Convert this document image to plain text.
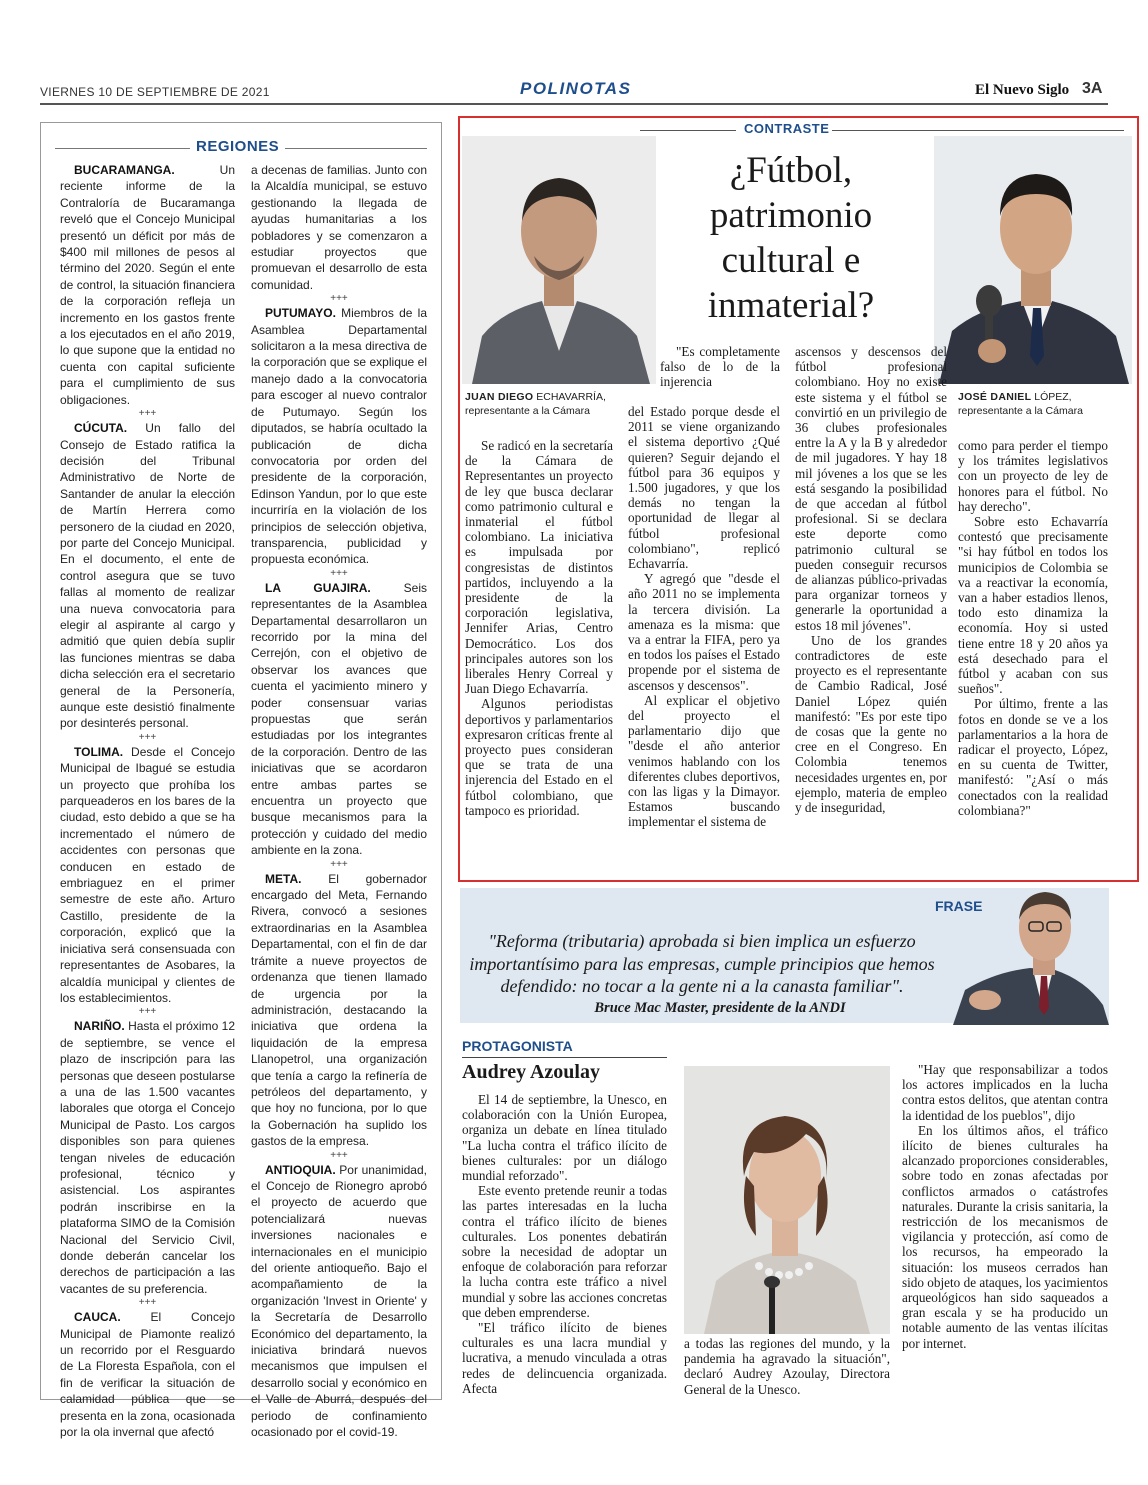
VIERNES 10 DE SEPTIEMBRE DE 2021	POLINOTAS	El Nuevo Siglo 3A
REGIONES

BUCARAMANGA. Un reciente informe de la Contraloría de Bucaramanga reveló que el Concejo Municipal presentó un déficit por más de $400 mil millones de pesos al término del 2020. Según el ente de control, la situación financiera de la corporación refleja un incremento en los gastos frente a los ejecutados en el año 2019, lo que supone que la entidad no cuenta con capital suficiente para el cumplimiento de sus obligaciones.

+++

CÚCUTA. Un fallo del Consejo de Estado ratifica la decisión del Tribunal Administrativo de Norte de Santander de anular la elección de Martín Herrera como personero de la ciudad en 2020, por parte del Concejo Municipal. En el documento, el ente de control asegura que se tuvo fallas al momento de realizar una nueva convocatoria para elegir al aspirante al cargo y admitió que quien debía suplir las funciones mientras se daba dicha selección era el secretario general de la Personería, aunque este desistió finalmente por desinterés personal.

+++

TOLIMA. Desde el Concejo Municipal de Ibagué se estudia un proyecto que prohíba los parqueaderos en los bares de la ciudad, esto debido a que se ha incrementado el número de accidentes con personas que conducen en estado de embriaguez en el primer semestre de este año. Arturo Castillo, presidente de la corporación, explicó que la iniciativa será consensuada con representantes de Asobares, la alcaldía municipal y clientes de los establecimientos.

+++

NARIÑO. Hasta el próximo 12 de septiembre, se vence el plazo de inscripción para las personas que deseen postularse a una de las 1.500 vacantes laborales que otorga el Concejo Municipal de Pasto. Los cargos disponibles son para quienes tengan niveles de educación profesional, técnico y asistencial. Los aspirantes podrán inscribirse en la plataforma SIMO de la Comisión Nacional del Servicio Civil, donde deberán cancelar los derechos de participación a las vacantes de su preferencia.

+++

CAUCA. El Concejo Municipal de Piamonte realizó un recorrido por el Resguardo de La Floresta Española, con el fin de verificar la situación de calamidad pública que se presenta en la zona, ocasionada por la ola invernal que afectó

a decenas de familias. Junto con la Alcaldía municipal, se estuvo gestionando la llegada de ayudas humanitarias a los pobladores y se comenzaron a estudiar proyectos que promuevan el desarrollo de esta comunidad.

+++

PUTUMAYO. Miembros de la Asamblea Departamental solicitaron a la mesa directiva de la corporación que se explique el manejo dado a la convocatoria para escoger al nuevo contralor de Putumayo. Según los diputados, se habría ocultado la publicación de dicha convocatoria por orden del presidente de la corporación, Edinson Yandun, por lo que este incurriría en la violación de los principios de selección objetiva, transparencia, publicidad y propuesta económica.

+++

LA GUAJIRA. Seis representantes de la Asamblea Departamental desarrollaron un recorrido por la mina del Cerrejón, con el objetivo de observar los avances que cuenta el yacimiento minero y poder consensuar varias propuestas que serán estudiadas por los integrantes de la corporación. Dentro de las iniciativas que se acordaron entre ambas partes se encuentra un proyecto que busque mecanismos para la protección y cuidado del medio ambiente en la zona.

+++

META. El gobernador encargado del Meta, Fernando Rivera, convocó a sesiones extraordinarias en la Asamblea Departamental, con el fin de dar trámite a nueve proyectos de ordenanza que tienen llamado de urgencia por la administración, destacando la iniciativa que ordena la liquidación de la empresa Llanopetrol, una organización que tenía a cargo la refinería de petróleos del departamento, y que hoy no funciona, por lo que la Gobernación ha suplido los gastos de la empresa.

+++

ANTIOQUIA. Por unanimidad, el Concejo de Rionegro aprobó el proyecto de acuerdo que potencializará nuevas inversiones nacionales e internacionales en el municipio del oriente antioqueño. Bajo el acompañamiento de la organización 'Invest in Oriente' y la Secretaría de Desarrollo Económico del departamento, la iniciativa brindará nuevos mecanismos que impulsen el desarrollo social y económico en el Valle de Aburrá, después del periodo de confinamiento ocasionado por el covid-19.

CONTRASTE
¿Fútbol, patrimonio cultural e inmaterial?
JUAN DIEGO ECHAVARRÍA,
representante a la Cámara
JOSÉ DANIEL LÓPEZ,
representante a la Cámara

Se radicó en la secretaría de la Cámara de Representantes un proyecto de ley que busca declarar como patrimonio cultural e inmaterial el fútbol colombiano. La iniciativa es impulsada por congresistas de distintos partidos, incluyendo a la presidente de la corporación legislativa, Jennifer Arias, Centro Democrático. Los dos principales autores son los liberales Henry Correal y Juan Diego Echavarría.

Algunos periodistas deportivos y parlamentarios expresaron críticas frente al proyecto pues consideran que se trata de una injerencia del Estado en el fútbol colombiano, que tampoco es prioridad.

"Es completamente falso de lo de la injerencia

del Estado porque desde el 2011 se viene organizando el sistema deportivo ¿Qué quieren? Seguir dejando el fútbol para 36 equipos y 1.500 jugadores, y que los demás no tengan la oportunidad de llegar al fútbol profesional colombiano", replicó Echavarría.

Y agregó que "desde el año 2011 no se implementa la tercera división. La amenaza es la misma: que va a entrar la FIFA, pero ya en todos los países el Estado propende por el sistema de ascensos y descensos".

Al explicar el objetivo del proyecto el parlamentario dijo que "desde el año anterior venimos hablando con los diferentes clubes deportivos, con las ligas y la Dimayor. Estamos buscando implementar el sistema de

ascensos y descensos del fútbol profesional colombiano. Hoy no existe este sistema y el fútbol se convirtió en un privilegio de 36 clubes profesionales entre la A y la B y alrededor de mil jugadores. Y hay 18 mil jóvenes a los que se les está sesgando la posibilidad de que accedan al fútbol profesional. Si se declara este deporte como patrimonio cultural se pueden conseguir recursos de alianzas público-privadas para organizar torneos y generarle la oportunidad a estos 18 mil jóvenes".

Uno de los grandes contradictores de este proyecto es el representante de Cambio Radical, José Daniel López quién manifestó: "Es por este tipo de cosas que la gente no cree en el Congreso. En Colombia tenemos necesidades urgentes en, por ejemplo, materia de empleo y de inseguridad,

como para perder el tiempo y los trámites legislativos con un proyecto de ley de honores para el fútbol. No hay derecho".

Sobre esto Echavarría contestó que precisamente "si hay fútbol en todos los municipios de Colombia se va a reactivar la economía, van a haber estadios llenos, todo esto dinamiza la economía. Hoy si usted tiene entre 18 y 20 años ya está desechado para el fútbol y acaban con sus sueños".

Por último, frente a las fotos en donde se ve a los parlamentarios a la hora de radicar el proyecto, López, en su cuenta de Twitter, manifestó: "¿Así o más conectados con la realidad colombiana?"

FRASE
"Reforma (tributaria) aprobada si bien implica un esfuerzo importantísimo para las empresas, cumple principios que hemos defendido: no tocar a la gente ni a la canasta familiar".
Bruce Mac Master, presidente de la ANDI
PROTAGONISTA
Audrey Azoulay

El 14 de septiembre, la Unesco, en colaboración con la Unión Europea, organiza un debate en línea titulado "La lucha contra el tráfico ilícito de bienes culturales: por un diálogo mundial reforzado".

Este evento pretende reunir a todas las partes interesadas en la lucha contra el tráfico ilícito de bienes culturales. Los ponentes debatirán sobre la necesidad de adoptar un enfoque de colaboración para reforzar la lucha contra este tráfico a nivel mundial y sobre las acciones concretas que deben emprenderse.

"El tráfico ilícito de bienes culturales es una lacra mundial y lucrativa, a menudo vinculada a otras redes de delincuencia organizada. Afecta

a todas las regiones del mundo, y la pandemia ha agravado la situación", declaró Audrey Azoulay, Directora General de la Unesco.

"Hay que responsabilizar a todos los actores implicados en la lucha contra estos delitos, que atentan contra la identidad de los pueblos", dijo

En los últimos años, el tráfico ilícito de bienes culturales ha alcanzado proporciones considerables, sobre todo en zonas afectadas por conflictos armados o catástrofes naturales. Durante la crisis sanitaria, la restricción de los mecanismos de vigilancia y protección, así como de los recursos, ha empeorado la situación: los museos cerrados han sido objeto de ataques, los yacimientos arqueológicos han sido saqueados a gran escala y se ha producido un notable aumento de las ventas ilícitas por internet.
